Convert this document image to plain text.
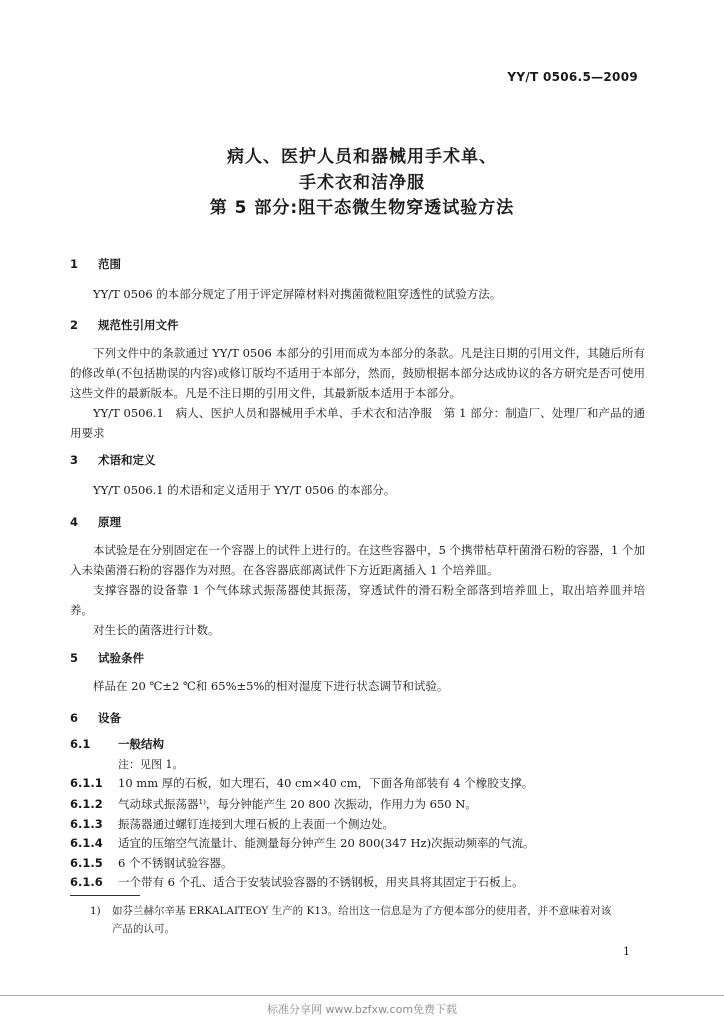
YY/T 0506.5—2009
病人、医护人员和器械用手术单、
手术衣和洁净服
第 5 部分:阻干态微生物穿透试验方法
1 范围
YY/T 0506 的本部分规定了用于评定屏障材料对携菌微粒阻穿透性的试验方法。
2 规范性引用文件
下列文件中的条款通过 YY/T 0506 本部分的引用而成为本部分的条款。凡是注日期的引用文件，其随后所有的修改单(不包括勘误的内容)或修订版均不适用于本部分，然而，鼓励根据本部分达成协议的各方研究是否可使用这些文件的最新版本。凡是不注日期的引用文件，其最新版本适用于本部分。
YY/T 0506.1　病人、医护人员和器械用手术单、手术衣和洁净服　第 1 部分：制造厂、处理厂和产品的通用要求
3 术语和定义
YY/T 0506.1 的术语和定义适用于 YY/T 0506 的本部分。
4 原理
本试验是在分别固定在一个容器上的试件上进行的。在这些容器中，5 个携带枯草杆菌滑石粉的容器，1 个加入未染菌滑石粉的容器作为对照。在各容器底部离试件下方近距离插入 1 个培养皿。
支撑容器的设备靠 1 个气体球式振荡器使其振荡，穿透试件的滑石粉全部落到培养皿上，取出培养皿并培养。
对生长的菌落进行计数。
5 试验条件
样品在 20 ℃±2 ℃和 65%±5%的相对湿度下进行状态调节和试验。
6 设备
6.1 一般结构
注：见图 1。
6.1.1 10 mm 厚的石板，如大理石，40 cm×40 cm，下面各角部装有 4 个橡胶支撑。
6.1.2 气动球式振荡器¹⁾，每分钟能产生 20 800 次振动，作用力为 650 N。
6.1.3 振荡器通过螺钉连接到大理石板的上表面一个侧边处。
6.1.4 适宜的压缩空气流量计、能测量每分钟产生 20 800(347 Hz)次振动频率的气流。
6.1.5 6 个不锈钢试验容器。
6.1.6 一个带有 6 个孔、适合于安装试验容器的不锈钢板，用夹具将其固定于石板上。
1) 如芬兰赫尔辛基 ERKALAITEOY 生产的 K13。给出这一信息是为了方便本部分的使用者，并不意味着对该
产品的认可。
1
标准分享网 www.bzfxw.com免费下载
